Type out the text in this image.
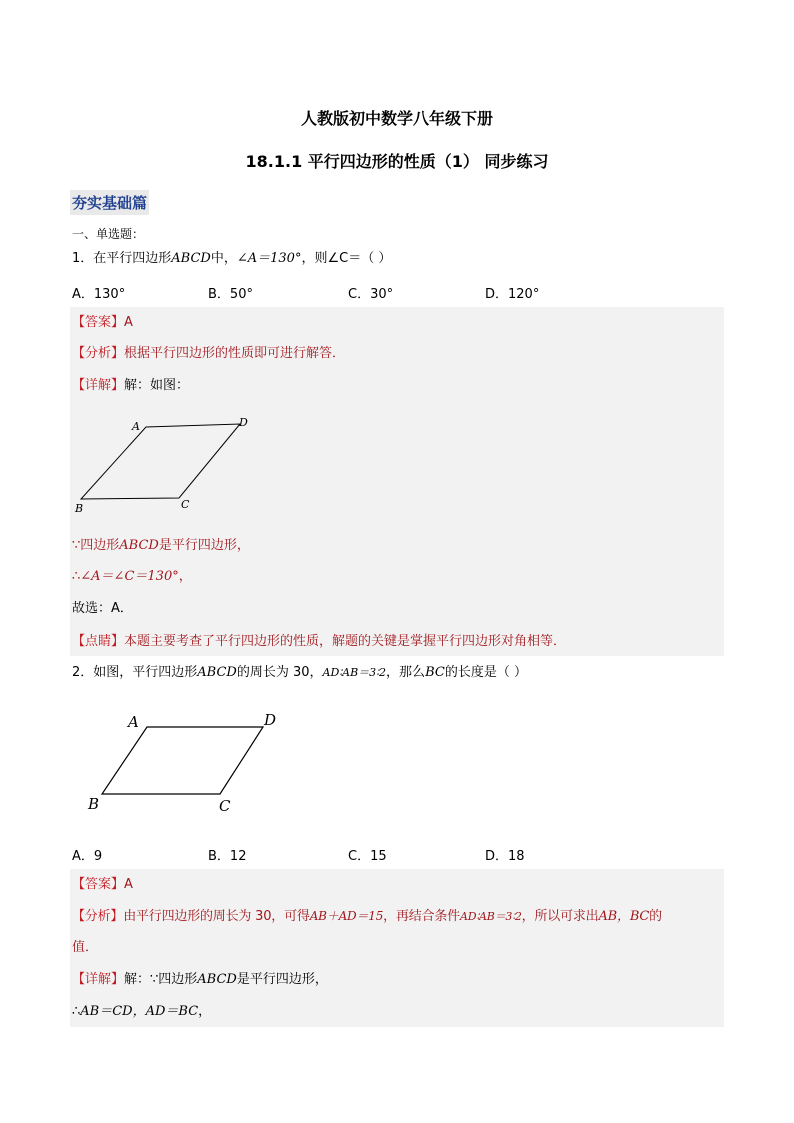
人教版初中数学八年级下册
18.1.1 平行四边形的性质（1） 同步练习
夯实基础篇
一、单选题：
1．在平行四边形ABCD中，∠A＝130°，则∠C＝（ ）
A．130°	B．50°	C．30°	D．120°
【答案】A
【分析】根据平行四边形的性质即可进行解答．
【详解】解：如图：
A	D
C
B
∵四边形ABCD是平行四边形，
∴∠A＝∠C＝130°，
故选：A．
【点睛】本题主要考查了平行四边形的性质，解题的关键是掌握平行四边形对角相等．
2．如图，平行四边形ABCD的周长为 30，AD∶AB＝3∶2，那么BC的长度是（ ）
A	D
C
B
A．9	B．12	C．15	D．18
【答案】A
【分析】由平行四边形的周长为 30，可得AB＋AD＝15，再结合条件AD∶AB＝3∶2，所以可求出AB，BC的
值．
【详解】解：∵四边形ABCD是平行四边形，
∴AB＝CD，AD＝BC，
